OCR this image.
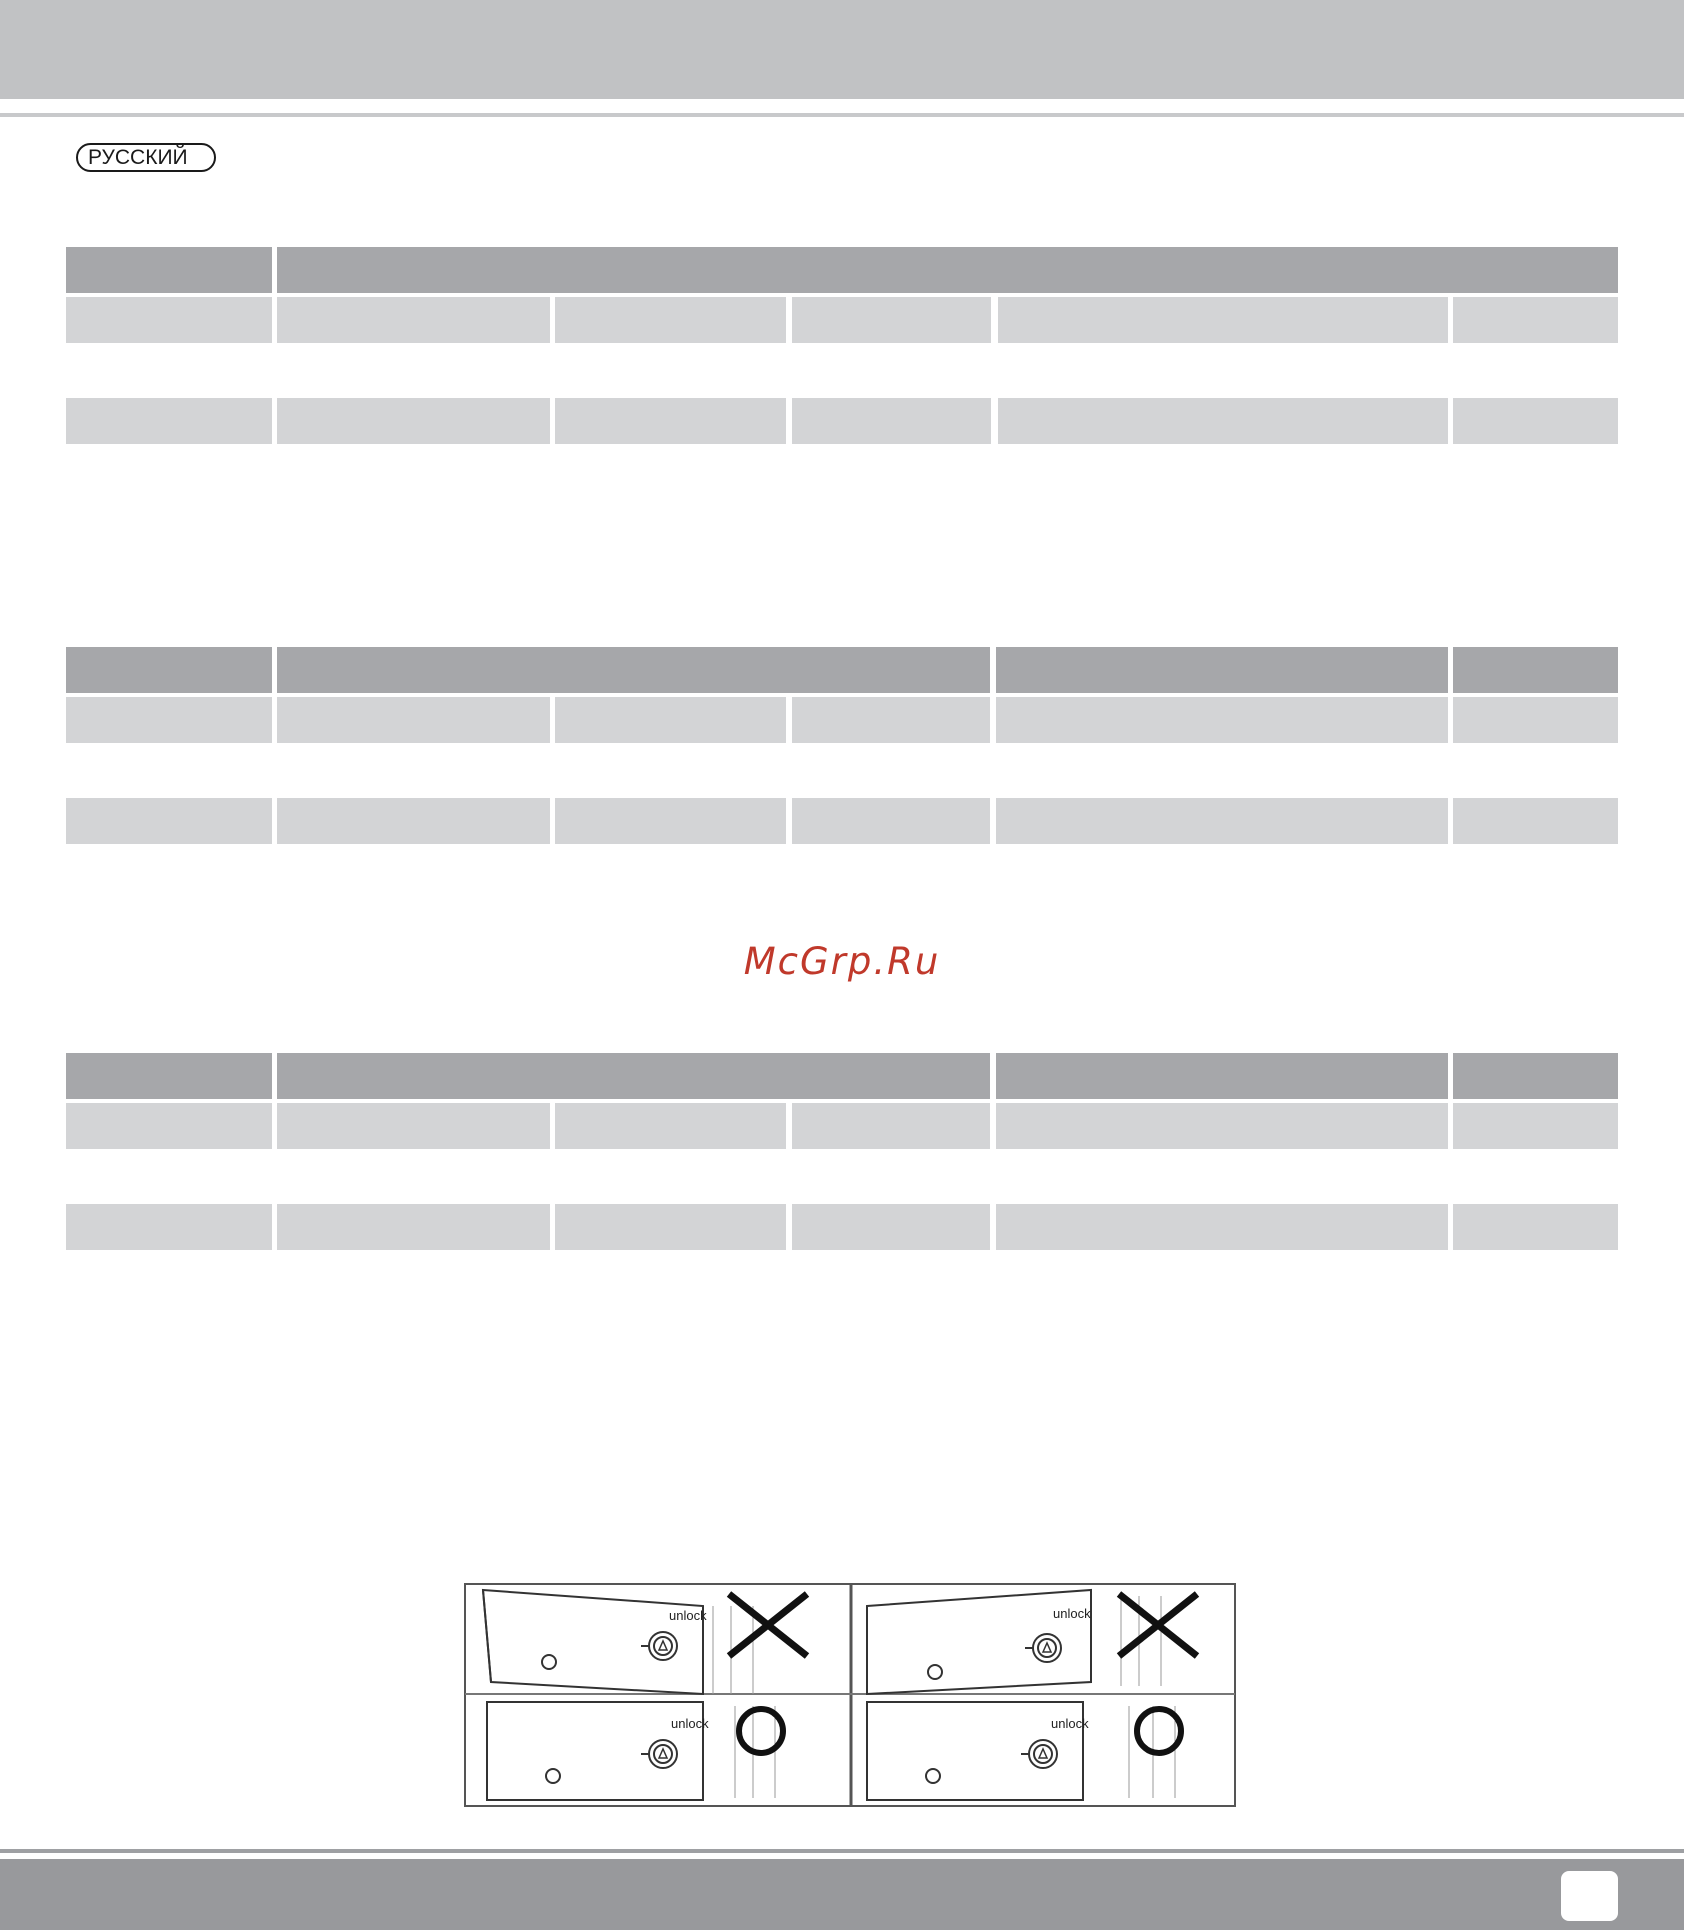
РУССКИЙ
McGrp.Ru
unlock	unlock
unlock	unlock
